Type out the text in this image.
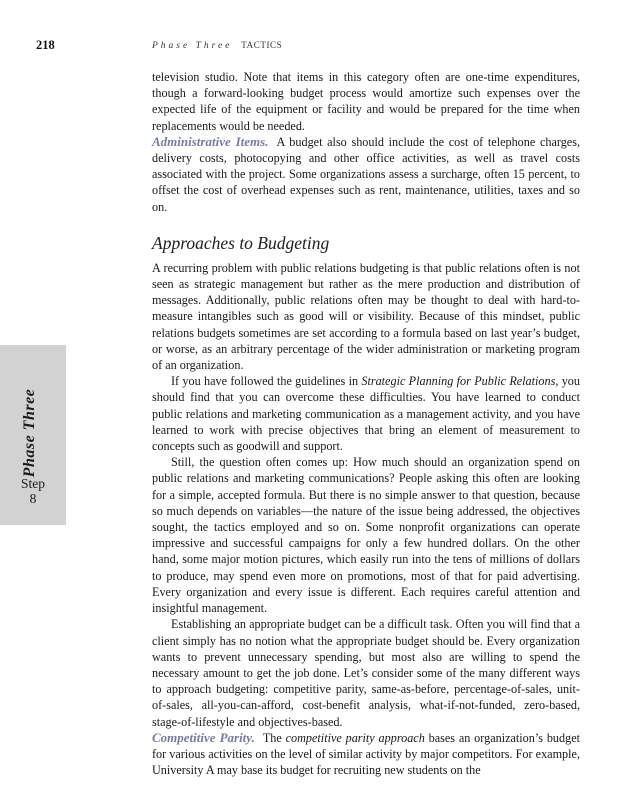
218	Phase Three TACTICS
Phase Three
Step
8

television studio. Note that items in this category often are one-time expenditures, though a forward-looking budget process would amortize such expenses over the expected life of the equipment or facility and would be prepared for the time when replacements would be needed.

Administrative Items. A budget also should include the cost of telephone charges, delivery costs, photocopying and other office activities, as well as travel costs associated with the project. Some organizations assess a surcharge, often 15 percent, to offset the cost of overhead expenses such as rent, maintenance, utilities, taxes and so on.

Approaches to Budgeting

A recurring problem with public relations budgeting is that public relations often is not seen as strategic management but rather as the mere production and distribution of messages. Additionally, public relations often may be thought to deal with hard-to-measure intangibles such as good will or visibility. Because of this mindset, public relations budgets sometimes are set according to a formula based on last year’s budget, or worse, as an arbitrary percentage of the wider administration or marketing program of an organization.

If you have followed the guidelines in Strategic Planning for Public Relations, you should find that you can overcome these difficulties. You have learned to conduct public relations and marketing communication as a management activity, and you have learned to work with precise objectives that bring an element of measurement to concepts such as goodwill and support.

Still, the question often comes up: How much should an organization spend on public relations and marketing communications? People asking this often are looking for a simple, accepted formula. But there is no simple answer to that question, because so much depends on variables—the nature of the issue being addressed, the objectives sought, the tactics employed and so on. Some nonprofit organizations can operate impressive and successful campaigns for only a few hundred dollars. On the other hand, some major motion pictures, which easily run into the tens of millions of dollars to produce, may spend even more on promotions, most of that for paid advertising. Every organization and every issue is different. Each requires careful attention and insightful management.

Establishing an appropriate budget can be a difficult task. Often you will find that a client simply has no notion what the appropriate budget should be. Every organization wants to prevent unnecessary spending, but most also are willing to spend the necessary amount to get the job done. Let’s consider some of the many different ways to approach budgeting: competitive parity, same-as-before, percentage-of-sales, unit-of-sales, all-you-can-afford, cost-benefit analysis, what-if-not-funded, zero-based, stage-of-lifestyle and objectives-based.

Competitive Parity. The competitive parity approach bases an organization’s budget for various activities on the level of similar activity by major competitors. For example, University A may base its budget for recruiting new students on the
